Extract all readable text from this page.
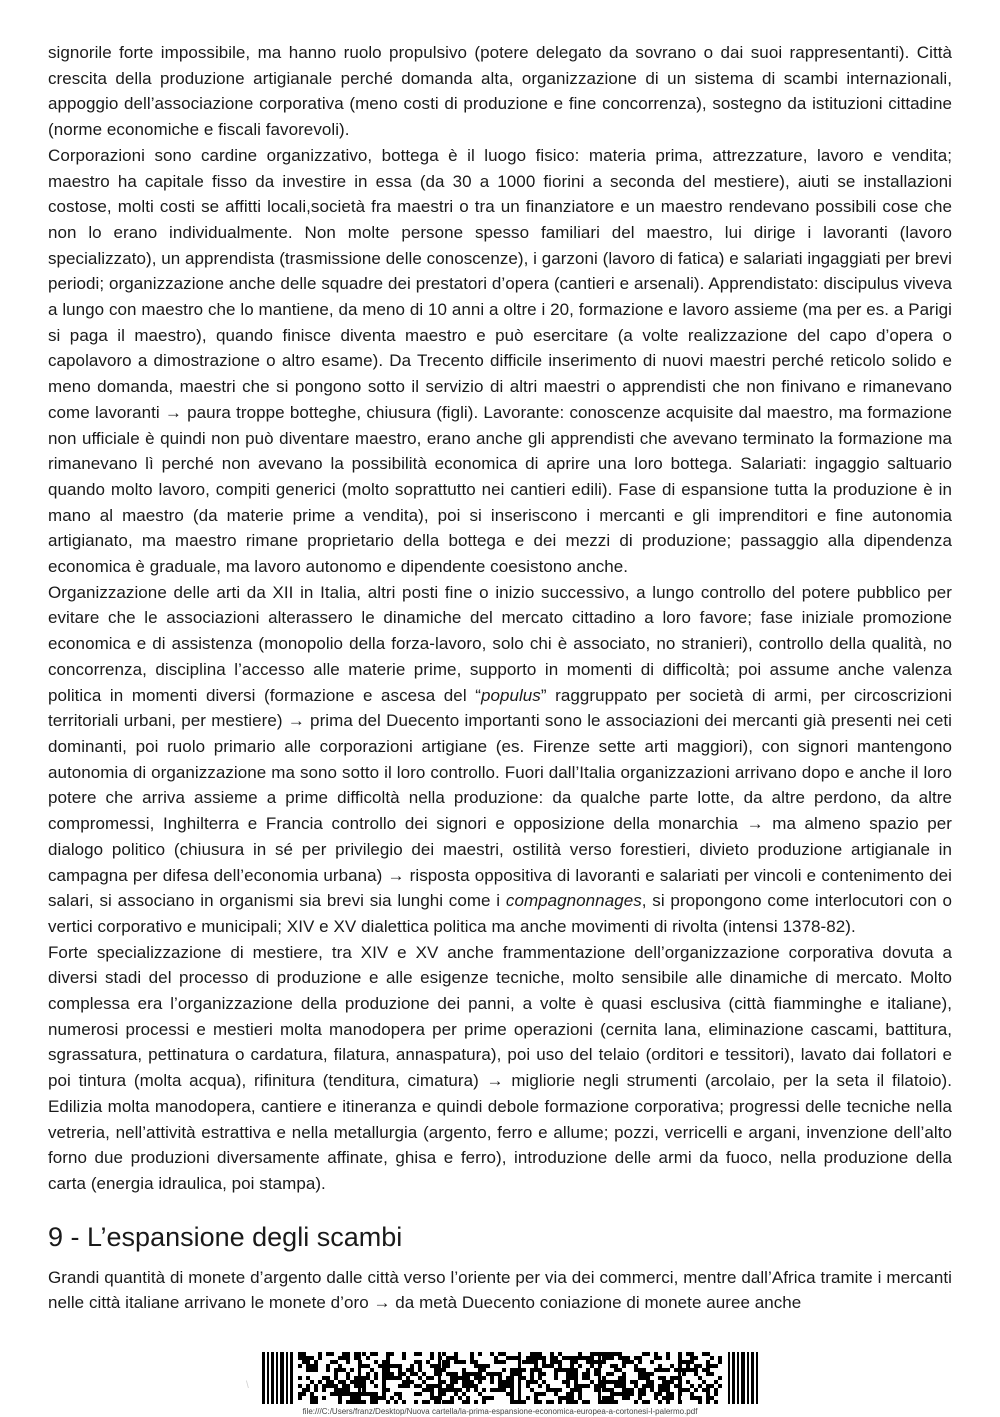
signorile forte impossibile, ma hanno ruolo propulsivo (potere delegato da sovrano o dai suoi rappresentanti). Città crescita della produzione artigianale perché domanda alta, organizzazione di un sistema di scambi internazionali, appoggio dell’associazione corporativa (meno costi di produzione e fine concorrenza), sostegno da istituzioni cittadine (norme economiche e fiscali favorevoli).

Corporazioni sono cardine organizzativo, bottega è il luogo fisico: materia prima, attrezzature, lavoro e vendita; maestro ha capitale fisso da investire in essa (da 30 a 1000 fiorini a seconda del mestiere), aiuti se installazioni costose, molti costi se affitti locali,società fra maestri o tra un finanziatore e un maestro rendevano possibili cose che non lo erano individualmente. Non molte persone spesso familiari del maestro, lui dirige i lavoranti (lavoro specializzato), un apprendista (trasmissione delle conoscenze), i garzoni (lavoro di fatica) e salariati ingaggiati per brevi periodi; organizzazione anche delle squadre dei prestatori d’opera (cantieri e arsenali). Apprendistato: discipulus viveva a lungo con maestro che lo mantiene, da meno di 10 anni a oltre i 20, formazione e lavoro assieme (ma per es. a Parigi si paga il maestro), quando finisce diventa maestro e può esercitare (a volte realizzazione del capo d’opera o capolavoro a dimostrazione o altro esame). Da Trecento difficile inserimento di nuovi maestri perché reticolo solido e meno domanda, maestri che si pongono sotto il servizio di altri maestri o apprendisti che non finivano e rimanevano come lavoranti → paura troppe botteghe, chiusura (figli). Lavorante: conoscenze acquisite dal maestro, ma formazione non ufficiale è quindi non può diventare maestro, erano anche gli apprendisti che avevano terminato la formazione ma rimanevano lì perché non avevano la possibilità economica di aprire una loro bottega. Salariati: ingaggio saltuario quando molto lavoro, compiti generici (molto soprattutto nei cantieri edili). Fase di espansione tutta la produzione è in mano al maestro (da materie prime a vendita), poi si inseriscono i mercanti e gli imprenditori e fine autonomia artigianato, ma maestro rimane proprietario della bottega e dei mezzi di produzione; passaggio alla dipendenza economica è graduale, ma lavoro autonomo e dipendente coesistono anche.

Organizzazione delle arti da XII in Italia, altri posti fine o inizio successivo, a lungo controllo del potere pubblico per evitare che le associazioni alterassero le dinamiche del mercato cittadino a loro favore; fase iniziale promozione economica e di assistenza (monopolio della forza-lavoro, solo chi è associato, no stranieri), controllo della qualità, no concorrenza, disciplina l’accesso alle materie prime, supporto in momenti di difficoltà; poi assume anche valenza politica in momenti diversi (formazione e ascesa del “populus” raggruppato per società di armi, per circoscrizioni territoriali urbani, per mestiere) → prima del Duecento importanti sono le associazioni dei mercanti già presenti nei ceti dominanti, poi ruolo primario alle corporazioni artigiane (es. Firenze sette arti maggiori), con signori mantengono autonomia di organizzazione ma sono sotto il loro controllo. Fuori dall’Italia organizzazioni arrivano dopo e anche il loro potere che arriva assieme a prime difficoltà nella produzione: da qualche parte lotte, da altre perdono, da altre compromessi, Inghilterra e Francia controllo dei signori e opposizione della monarchia → ma almeno spazio per dialogo politico (chiusura in sé per privilegio dei maestri, ostilità verso forestieri, divieto produzione artigianale in campagna per difesa dell’economia urbana) → risposta oppositiva di lavoranti e salariati per vincoli e contenimento dei salari, si associano in organismi sia brevi sia lunghi come i compagnonnages, si propongono come interlocutori con o vertici corporativo e municipali; XIV e XV dialettica politica ma anche movimenti di rivolta (intensi 1378-82).

Forte specializzazione di mestiere, tra XIV e XV anche frammentazione dell’organizzazione corporativa dovuta a diversi stadi del processo di produzione e alle esigenze tecniche, molto sensibile alle dinamiche di mercato. Molto complessa era l’organizzazione della produzione dei panni, a volte è quasi esclusiva (città fiamminghe e italiane), numerosi processi e mestieri molta manodopera per prime operazioni (cernita lana, eliminazione cascami, battitura, sgrassatura, pettinatura o cardatura, filatura, annaspatura), poi uso del telaio (orditori e tessitori), lavato dai follatori e poi tintura (molta acqua), rifinitura (tenditura, cimatura) → migliorie negli strumenti (arcolaio, per la seta il filatoio). Edilizia molta manodopera, cantiere e itineranza e quindi debole formazione corporativa; progressi delle tecniche nella vetreria, nell’attività estrattiva e nella metallurgia (argento, ferro e allume; pozzi, verricelli e argani, invenzione dell’alto forno due produzioni diversamente affinate, ghisa e ferro), introduzione delle armi da fuoco, nella produzione della carta (energia idraulica, poi stampa).

9 - L’espansione degli scambi

Grandi quantità di monete d’argento dalle città verso l’oriente per via dei commerci, mentre dall’Africa tramite i mercanti nelle città italiane arrivano le monete d’oro → da metà Duecento coniazione di monete auree anche

\
file:///C:/Users/franz/Desktop/Nuova cartella/la-prima-espansione-economica-europea-a-cortonesi-l-palermo.pdf
